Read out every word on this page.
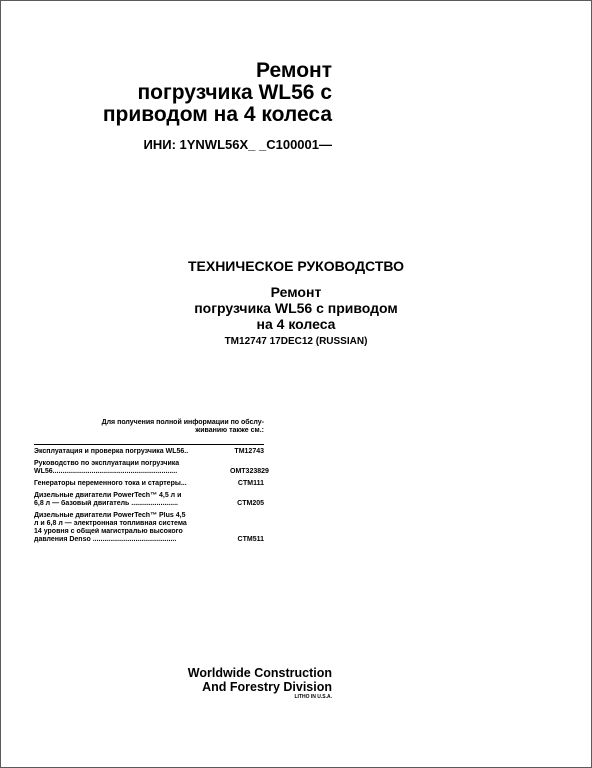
Ремонт
погрузчика WL56 с
приводом на 4 колеса
ИНИ: 1YNWL56X_ _C100001—
ТЕХНИЧЕСКОЕ РУКОВОДСТВО
Ремонт
погрузчика WL56 с приводом
на 4 колеса
TM12747 17DEC12 (RUSSIAN)
Для получения полной информации по обслу-
живанию также см.:
Эксплуатация и проверка погрузчика WL56..	TM12743
Руководство по эксплуатации погрузчика
WL56................................................................	OMT323829
Генераторы переменного тока и стартеры...	CTM111
Дизельные двигатели PowerTech™ 4,5 л и
6,8 л — базовый двигатель ........................	CTM205
Дизельные двигатели PowerTech™ Plus 4,5
л и 6,8 л — электронная топливная система
14 уровня с общей магистралью высокого
давления Denso ...........................................	CTM511
Worldwide Construction
And Forestry Division
LITHO IN U.S.A.
